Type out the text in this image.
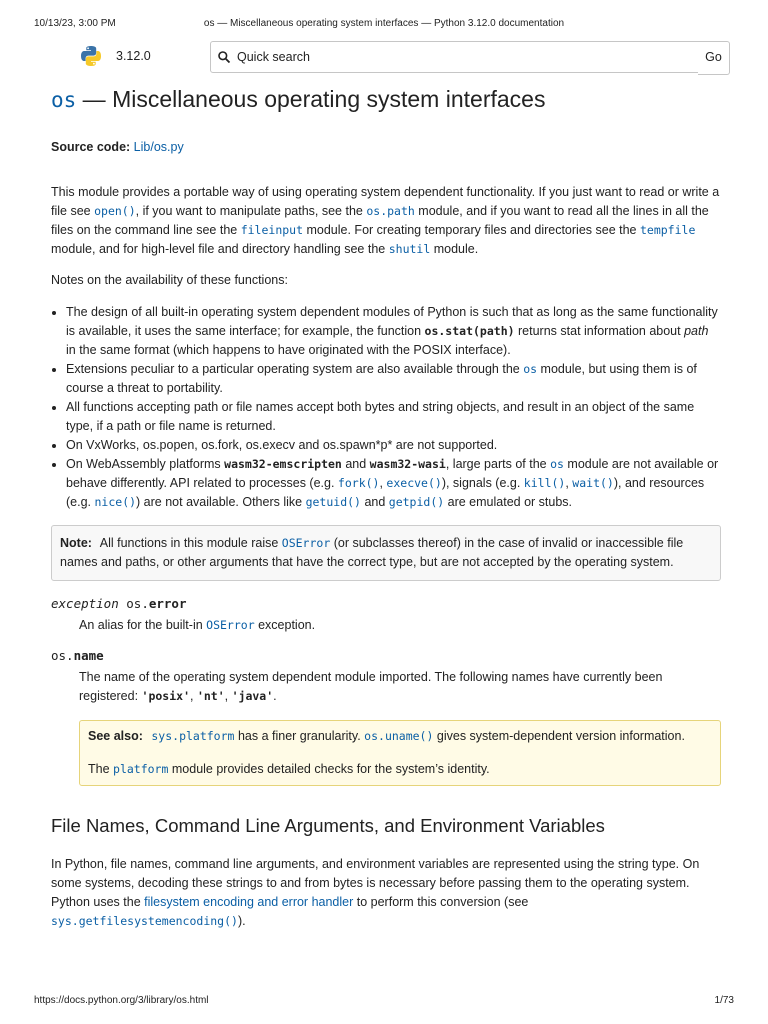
10/13/23, 3:00 PM	os — Miscellaneous operating system interfaces — Python 3.12.0 documentation
3.12.0
Quick search	Go
os — Miscellaneous operating system interfaces

Source code: Lib/os.py

This module provides a portable way of using operating system dependent functionality. If you just want to read or write a file see open(), if you want to manipulate paths, see the os.path module, and if you want to read all the lines in all the files on the command line see the fileinput module. For creating temporary files and directories see the tempfile module, and for high-level file and directory handling see the shutil module.

Notes on the availability of these functions:

• The design of all built-in operating system dependent modules of Python is such that as long as the same functionality is available, it uses the same interface; for example, the function os.stat(path) returns stat information about path in the same format (which happens to have originated with the POSIX interface).
• Extensions peculiar to a particular operating system are also available through the os module, but using them is of course a threat to portability.
• All functions accepting path or file names accept both bytes and string objects, and result in an object of the same type, if a path or file name is returned.
• On VxWorks, os.popen, os.fork, os.execv and os.spawn*p* are not supported.
• On WebAssembly platforms wasm32-emscripten and wasm32-wasi, large parts of the os module are not available or behave differently. API related to processes (e.g. fork(), execve()), signals (e.g. kill(), wait()), and resources (e.g. nice()) are not available. Others like getuid() and getpid() are emulated or stubs.

Note: All functions in this module raise OSError (or subclasses thereof) in the case of invalid or inaccessible file names and paths, or other arguments that have the correct type, but are not accepted by the operating system.

exception os.error

An alias for the built-in OSError exception.

os.name

The name of the operating system dependent module imported. The following names have currently been registered: 'posix', 'nt', 'java'.

See also: sys.platform has a finer granularity. os.uname() gives system-dependent version information.

The platform module provides detailed checks for the system’s identity.

File Names, Command Line Arguments, and Environment Variables

In Python, file names, command line arguments, and environment variables are represented using the string type. On some systems, decoding these strings to and from bytes is necessary before passing them to the operating system. Python uses the filesystem encoding and error handler to perform this conversion (see sys.getfilesystemencoding()).

https://docs.python.org/3/library/os.html	1/73
